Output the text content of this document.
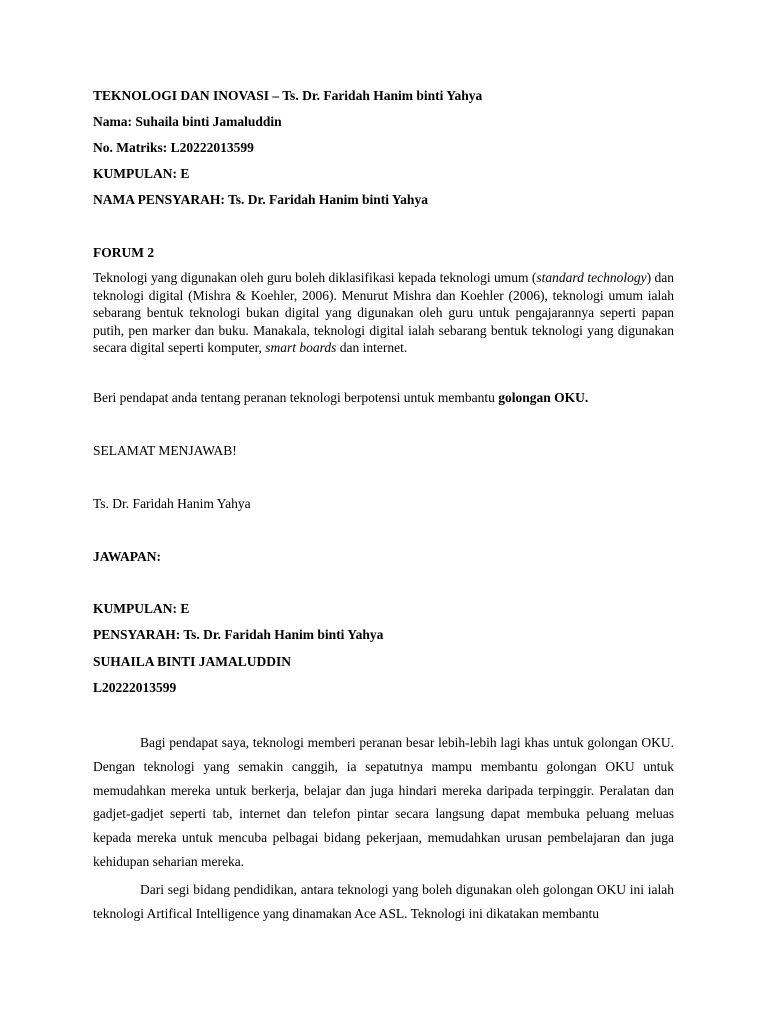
TEKNOLOGI DAN INOVASI – Ts. Dr. Faridah Hanim binti Yahya
Nama: Suhaila binti Jamaluddin
No. Matriks: L20222013599
KUMPULAN: E
NAMA PENSYARAH: Ts. Dr. Faridah Hanim binti Yahya
FORUM 2
Teknologi yang digunakan oleh guru boleh diklasifikasi kepada teknologi umum (standard technology) dan teknologi digital (Mishra & Koehler, 2006). Menurut Mishra dan Koehler (2006), teknologi umum ialah sebarang bentuk teknologi bukan digital yang digunakan oleh guru untuk pengajarannya seperti papan putih, pen marker dan buku. Manakala, teknologi digital ialah sebarang bentuk teknologi yang digunakan secara digital seperti komputer, smart boards dan internet.
Beri pendapat anda tentang peranan teknologi berpotensi untuk membantu golongan OKU.
SELAMAT MENJAWAB!
Ts. Dr. Faridah Hanim Yahya
JAWAPAN:
KUMPULAN: E
PENSYARAH: Ts. Dr. Faridah Hanim binti Yahya
SUHAILA BINTI JAMALUDDIN
L20222013599
Bagi pendapat saya, teknologi memberi peranan besar lebih-lebih lagi khas untuk golongan OKU. Dengan teknologi yang semakin canggih, ia sepatutnya mampu membantu golongan OKU untuk memudahkan mereka untuk berkerja, belajar dan juga hindari mereka daripada terpinggir. Peralatan dan gadjet-gadjet seperti tab, internet dan telefon pintar secara langsung dapat membuka peluang meluas kepada mereka untuk mencuba pelbagai bidang pekerjaan, memudahkan urusan pembelajaran dan juga kehidupan seharian mereka.
Dari segi bidang pendidikan, antara teknologi yang boleh digunakan oleh golongan OKU ini ialah teknologi Artifical Intelligence yang dinamakan Ace ASL. Teknologi ini dikatakan membantu
